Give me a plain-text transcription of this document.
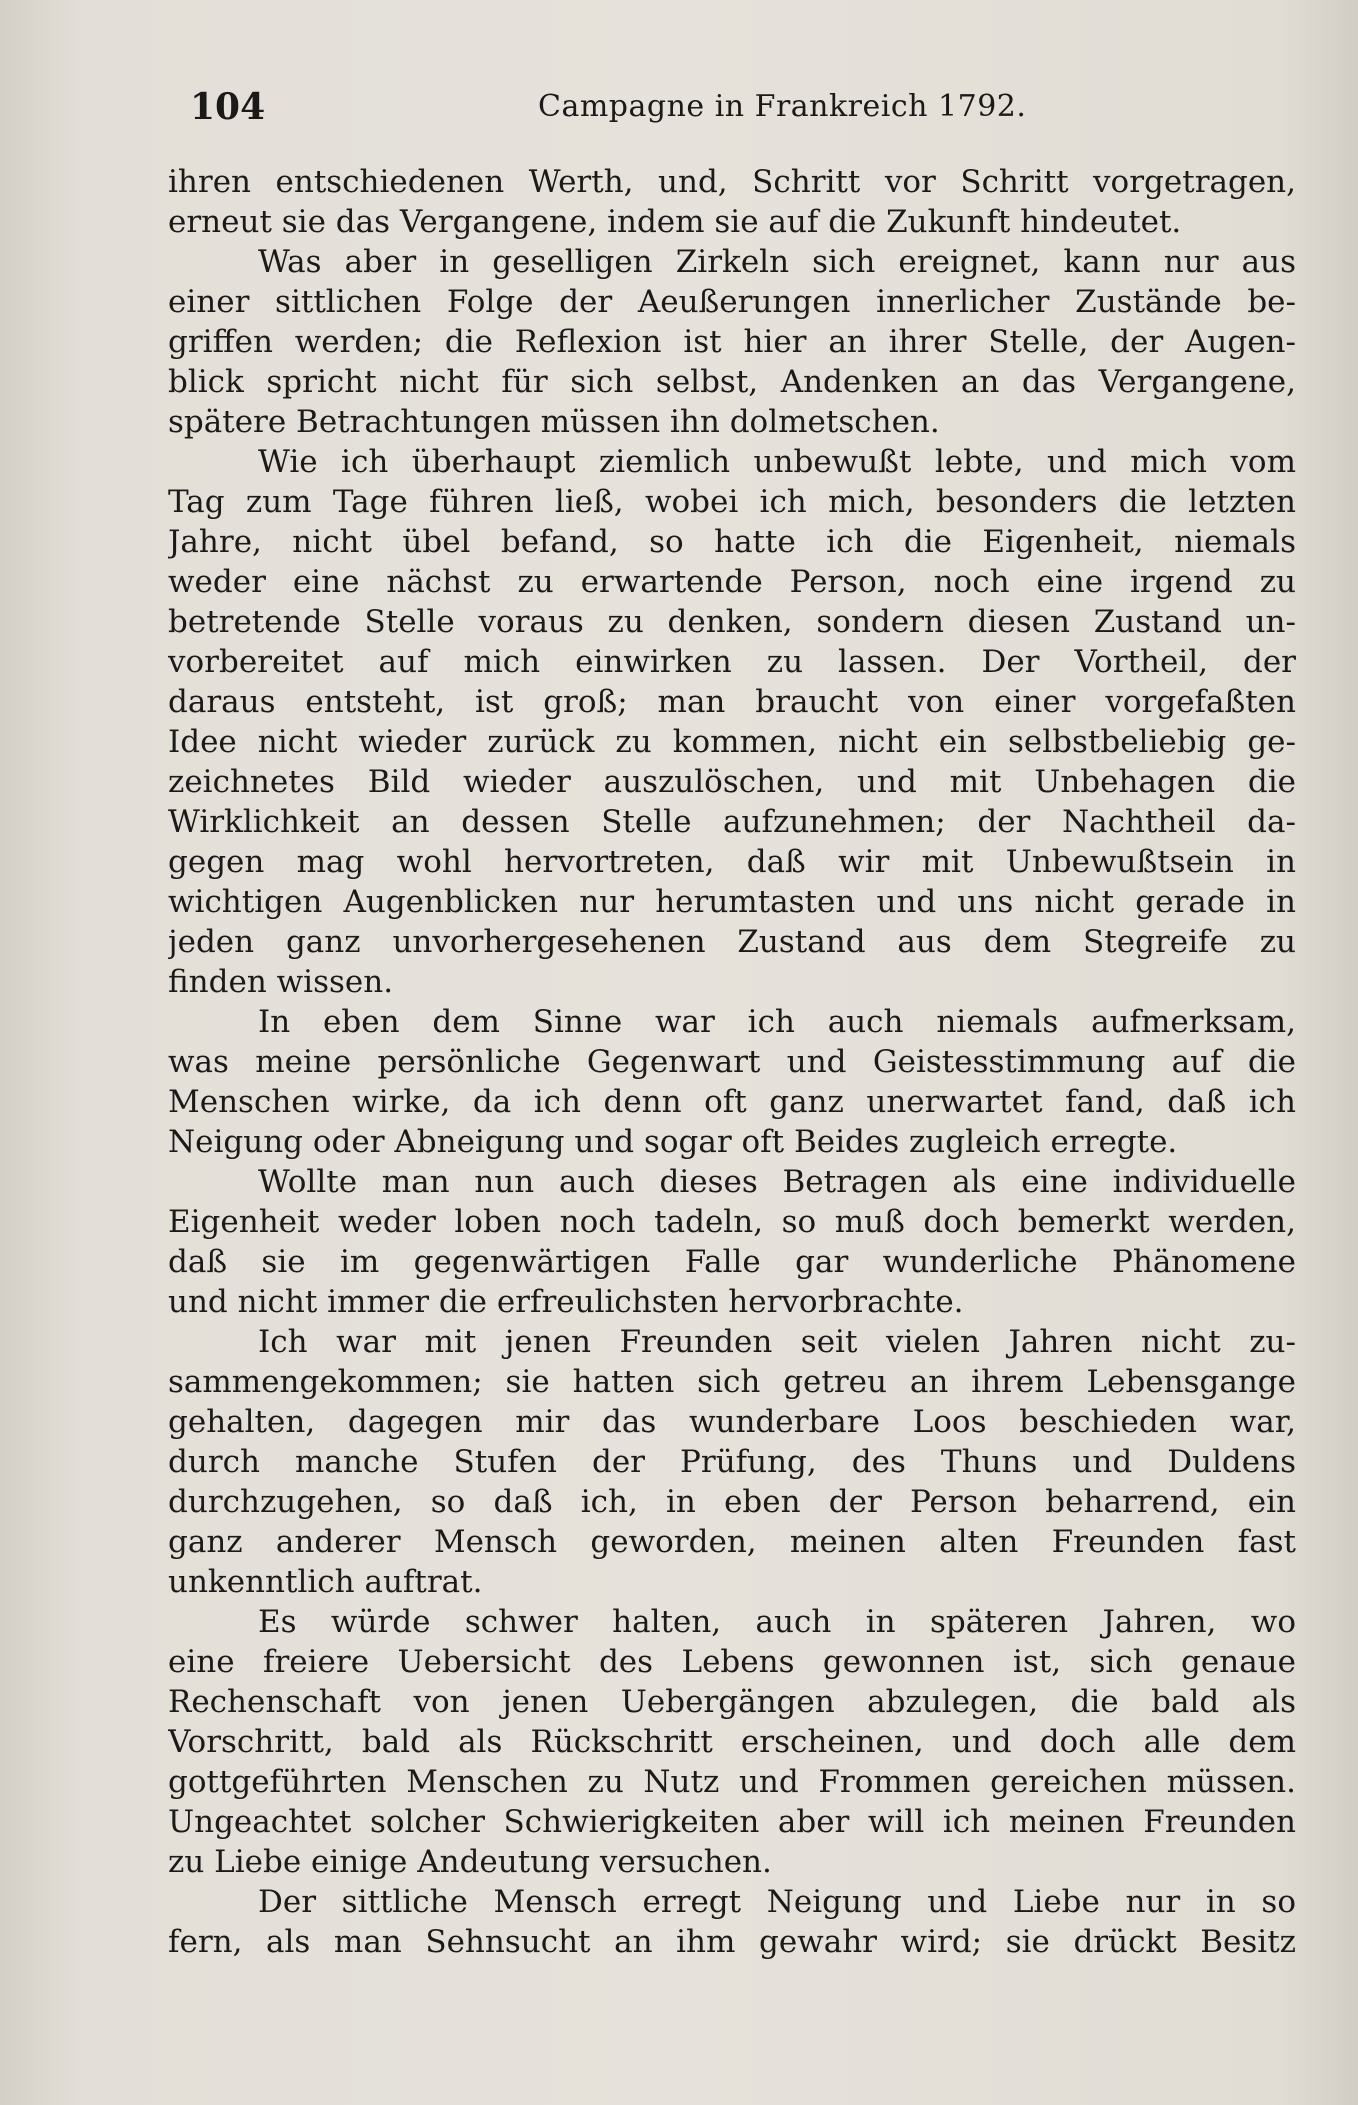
104	Campagne in Frankreich 1792.
ihren entschiedenen Werth, und, Schritt vor Schritt vorgetragen,
erneut sie das Vergangene, indem sie auf die Zukunft hindeutet.
Was aber in geselligen Zirkeln sich ereignet, kann nur aus
einer sittlichen Folge der Aeußerungen innerlicher Zustände be-
griffen werden; die Reflexion ist hier an ihrer Stelle, der Augen-
blick spricht nicht für sich selbst, Andenken an das Vergangene,
spätere Betrachtungen müssen ihn dolmetschen.
Wie ich überhaupt ziemlich unbewußt lebte, und mich vom
Tag zum Tage führen ließ, wobei ich mich, besonders die letzten
Jahre, nicht übel befand, so hatte ich die Eigenheit, niemals
weder eine nächst zu erwartende Person, noch eine irgend zu
betretende Stelle voraus zu denken, sondern diesen Zustand un-
vorbereitet auf mich einwirken zu lassen. Der Vortheil, der
daraus entsteht, ist groß; man braucht von einer vorgefaßten
Idee nicht wieder zurück zu kommen, nicht ein selbstbeliebig ge-
zeichnetes Bild wieder auszulöschen, und mit Unbehagen die
Wirklichkeit an dessen Stelle aufzunehmen; der Nachtheil da-
gegen mag wohl hervortreten, daß wir mit Unbewußtsein in
wichtigen Augenblicken nur herumtasten und uns nicht gerade in
jeden ganz unvorhergesehenen Zustand aus dem Stegreife zu
finden wissen.
In eben dem Sinne war ich auch niemals aufmerksam,
was meine persönliche Gegenwart und Geistesstimmung auf die
Menschen wirke, da ich denn oft ganz unerwartet fand, daß ich
Neigung oder Abneigung und sogar oft Beides zugleich erregte.
Wollte man nun auch dieses Betragen als eine individuelle
Eigenheit weder loben noch tadeln, so muß doch bemerkt werden,
daß sie im gegenwärtigen Falle gar wunderliche Phänomene
und nicht immer die erfreulichsten hervorbrachte.
Ich war mit jenen Freunden seit vielen Jahren nicht zu-
sammengekommen; sie hatten sich getreu an ihrem Lebensgange
gehalten, dagegen mir das wunderbare Loos beschieden war,
durch manche Stufen der Prüfung, des Thuns und Duldens
durchzugehen, so daß ich, in eben der Person beharrend, ein
ganz anderer Mensch geworden, meinen alten Freunden fast
unkenntlich auftrat.
Es würde schwer halten, auch in späteren Jahren, wo
eine freiere Uebersicht des Lebens gewonnen ist, sich genaue
Rechenschaft von jenen Uebergängen abzulegen, die bald als
Vorschritt, bald als Rückschritt erscheinen, und doch alle dem
gottgeführten Menschen zu Nutz und Frommen gereichen müssen.
Ungeachtet solcher Schwierigkeiten aber will ich meinen Freunden
zu Liebe einige Andeutung versuchen.
Der sittliche Mensch erregt Neigung und Liebe nur in so
fern, als man Sehnsucht an ihm gewahr wird; sie drückt Besitz
